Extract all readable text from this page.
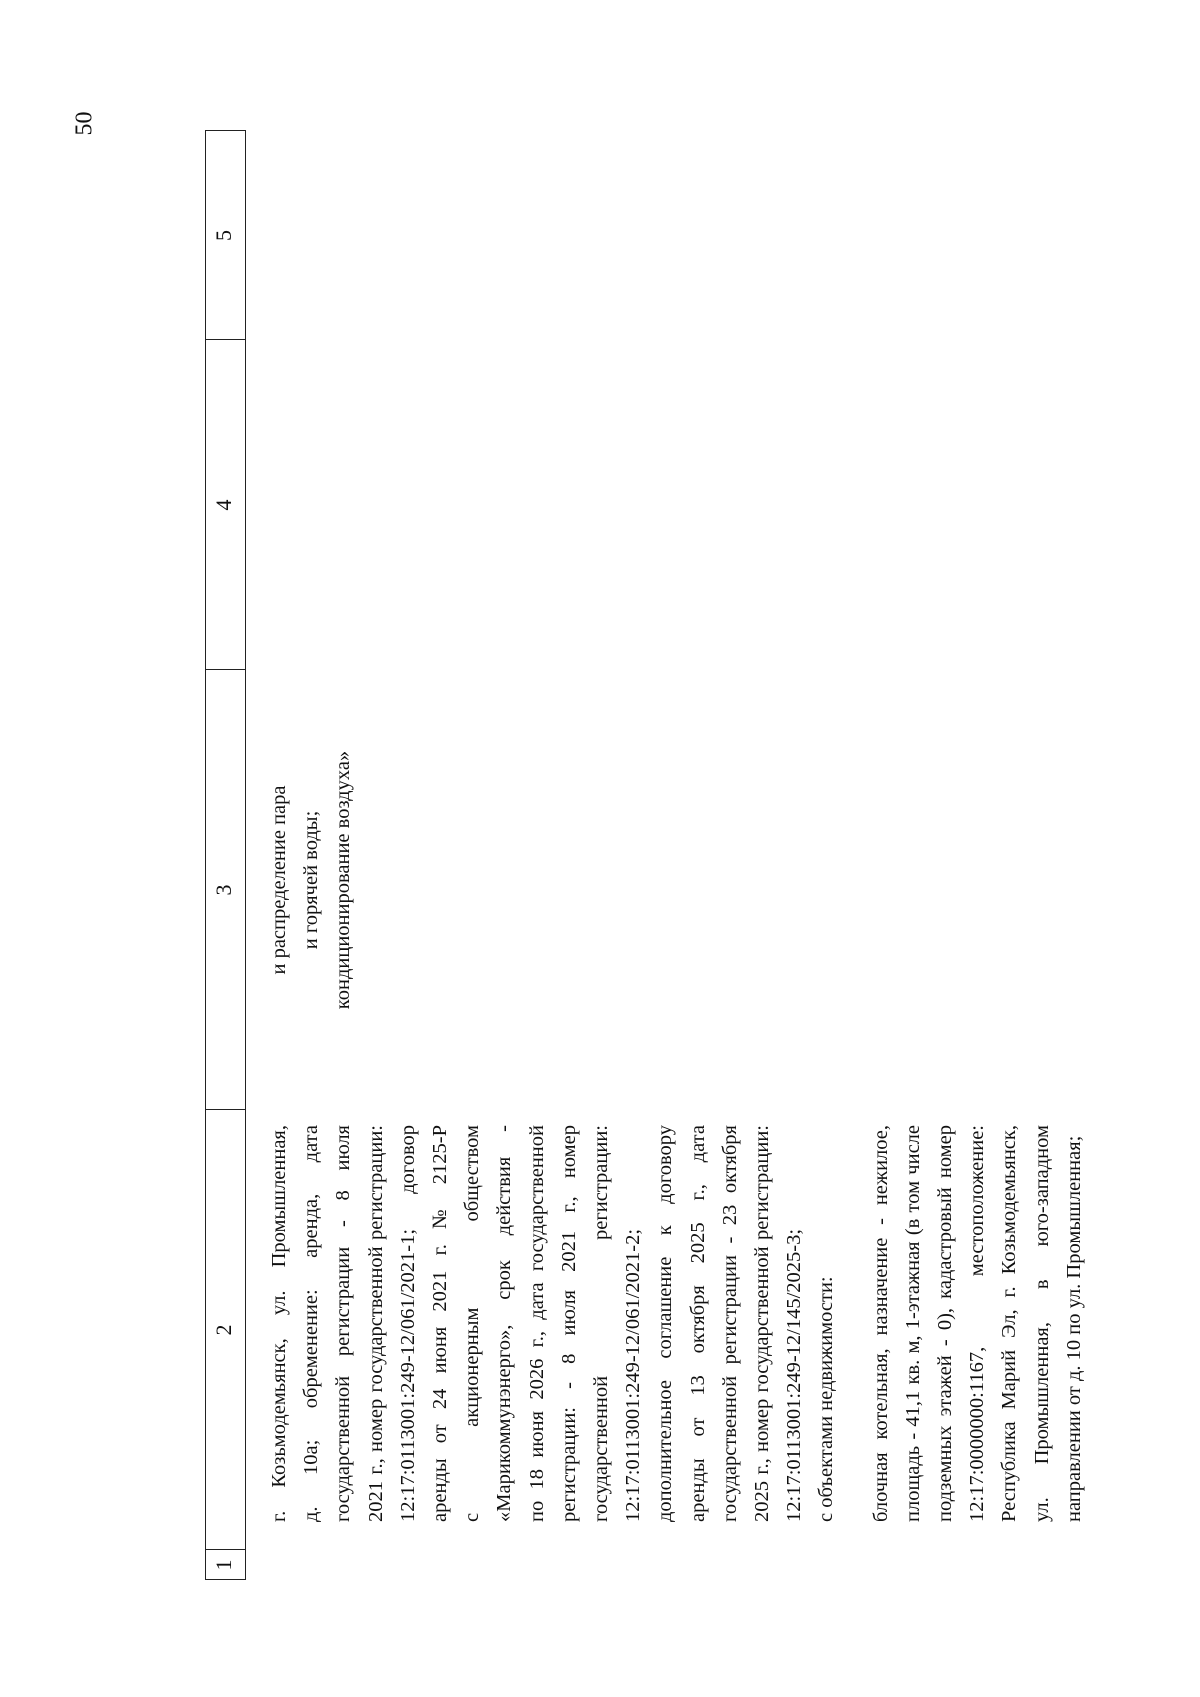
50
1
2
3
4
5

г. Козьмодемьянск, ул. Промышленная, д. 10а; обременение: аренда, дата государственной регистрации - 8 июля 2021 г., номер государственной регистрации: 12:17:0113001:249-12/061/2021-1; договор аренды от 24 июня 2021 г. № 2125-Р с акционерным обществом «Марикоммунэнерго», срок действия - по 18 июня 2026 г., дата государственной регистрации: - 8 июля 2021 г., номер государственной регистрации: 12:17:0113001:249-12/061/2021-2; дополнительное соглашение к договору аренды от 13 октября 2025 г., дата государственной регистрации - 23 октября 2025 г., номер государственной регистрации: 12:17:0113001:249-12/145/2025-3; с объектами недвижимости: блочная котельная, назначение - нежилое, площадь - 41,1 кв. м, 1-этажная (в том числе подземных этажей - 0), кадастровый номер 12:17:0000000:1167, местоположение: Республика Марий Эл, г. Козьмодемьянск, ул. Промышленная, в юго-западном направлении от д. 10 по ул. Промышленная;

и распределение пара и горячей воды; кондиционирование воздуха»
